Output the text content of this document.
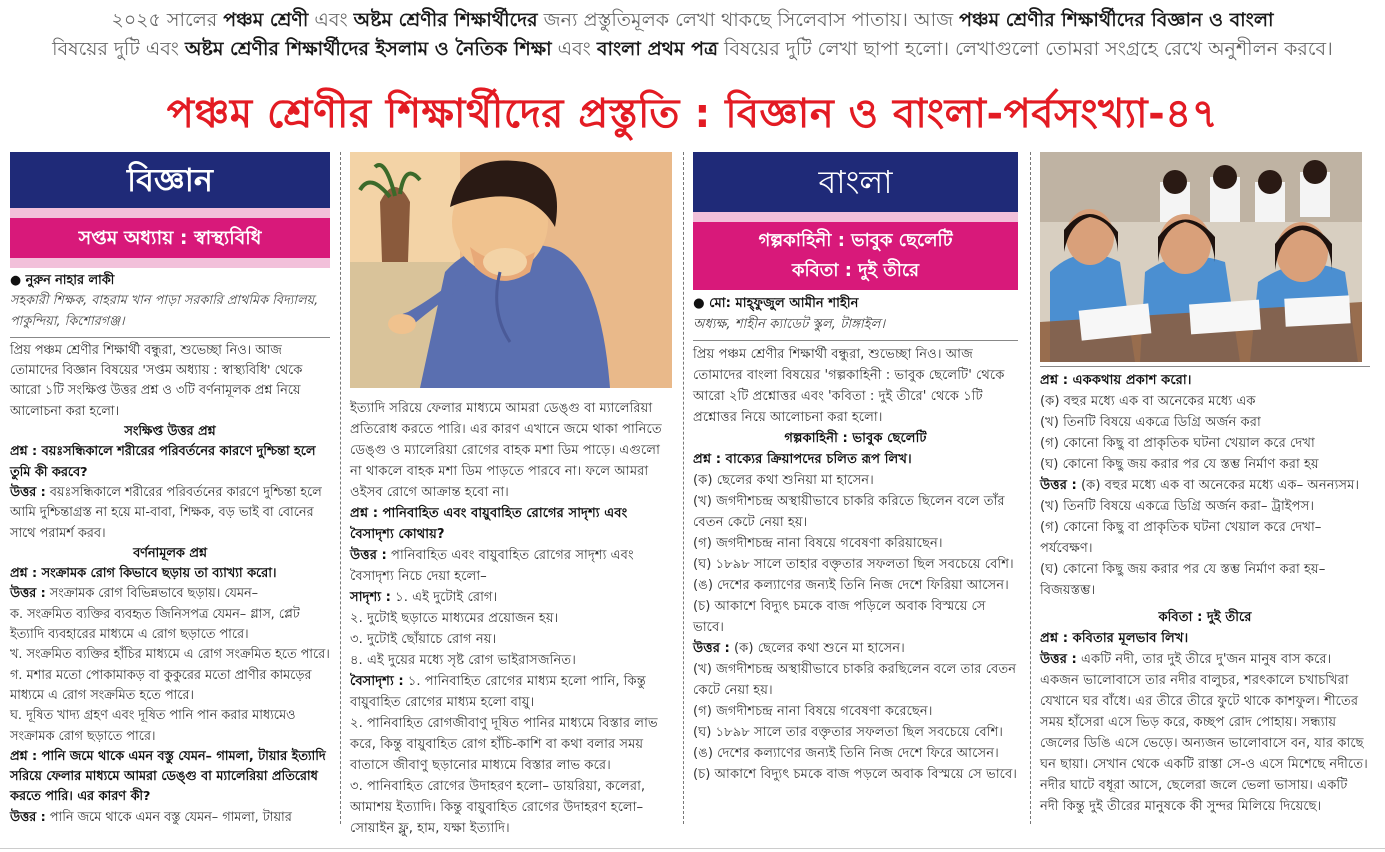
২০২৫ সালের পঞ্চম শ্রেণী এবং অষ্টম শ্রেণীর শিক্ষার্থীদের জন্য প্রস্তুতিমূলক লেখা থাকছে সিলেবাস পাতায়। আজ পঞ্চম শ্রেণীর শিক্ষার্থীদের বিজ্ঞান ও বাংলা

বিষয়ের দুটি এবং অষ্টম শ্রেণীর শিক্ষার্থীদের ইসলাম ও নৈতিক শিক্ষা এবং বাংলা প্রথম পত্র বিষয়ের দুটি লেখা ছাপা হলো। লেখাগুলো তোমরা সংগ্রহে রেখে অনুশীলন করবে।

পঞ্চম শ্রেণীর শিক্ষার্থীদের প্রস্তুতি : বিজ্ঞান ও বাংলা-পর্বসংখ্যা-৪৭
বিজ্ঞান
সপ্তম অধ্যায় : স্বাস্থ্যবিধি

● নুরুন নাহার লাকী

সহকারী শিক্ষক, বাহরাম খান পাড়া সরকারি প্রাথমিক বিদ্যালয়, পাকুন্দিয়া, কিশোরগঞ্জ।

প্রিয় পঞ্চম শ্রেণীর শিক্ষার্থী বন্ধুরা, শুভেচ্ছা নিও। আজ তোমাদের বিজ্ঞান বিষয়ের 'সপ্তম অধ্যায় : স্বাস্থ্যবিধি' থেকে আরো ১টি সংক্ষিপ্ত উত্তর প্রশ্ন ও ৩টি বর্ণনামূলক প্রশ্ন নিয়ে আলোচনা করা হলো।

সংক্ষিপ্ত উত্তর প্রশ্ন

প্রশ্ন : বয়ঃসন্ধিকালে শরীরের পরিবর্তনের কারণে দুশ্চিন্তা হলে তুমি কী করবে?

উত্তর : বয়ঃসন্ধিকালে শরীরের পরিবর্তনের কারণে দুশ্চিন্তা হলে আমি দুশ্চিন্তাগ্রস্ত না হয়ে মা-বাবা, শিক্ষক, বড় ভাই বা বোনের সাথে পরামর্শ করব।

বর্ণনামূলক প্রশ্ন

প্রশ্ন : সংক্রামক রোগ কিভাবে ছড়ায় তা ব্যাখ্যা করো।

উত্তর : সংক্রামক রোগ বিভিন্নভাবে ছড়ায়। যেমন–

ক. সংক্রমিত ব্যক্তির ব্যবহৃত জিনিসপত্র যেমন– গ্লাস, প্লেট ইত্যাদি ব্যবহারের মাধ্যমে এ রোগ ছড়াতে পারে।

খ. সংক্রমিত ব্যক্তির হাঁচির মাধ্যমে এ রোগ সংক্রমিত হতে পারে।

গ. মশার মতো পোকামাকড় বা কুকুরের মতো প্রাণীর কামড়ের মাধ্যমে এ রোগ সংক্রমিত হতে পারে।

ঘ. দূষিত খাদ্য গ্রহণ এবং দূষিত পানি পান করার মাধ্যমেও সংক্রামক রোগ ছড়াতে পারে।

প্রশ্ন : পানি জমে থাকে এমন বস্তু যেমন– গামলা, টায়ার ইত্যাদি সরিয়ে ফেলার মাধ্যমে আমরা ডেঙ্গু বা ম্যালেরিয়া প্রতিরোধ করতে পারি। এর কারণ কী?

উত্তর : পানি জমে থাকে এমন বস্তু যেমন– গামলা, টায়ার

ইত্যাদি সরিয়ে ফেলার মাধ্যমে আমরা ডেঙ্গু বা ম্যালেরিয়া প্রতিরোধ করতে পারি। এর কারণ এখানে জমে থাকা পানিতে ডেঙ্গু ও ম্যালেরিয়া রোগের বাহক মশা ডিম পাড়ে। এগুলো না থাকলে বাহক মশা ডিম পাড়তে পারবে না। ফলে আমরা ওইসব রোগে আক্রান্ত হবো না।

প্রশ্ন : পানিবাহিত এবং বায়ুবাহিত রোগের সাদৃশ্য এবং বৈসাদৃশ্য কোথায়?

উত্তর : পানিবাহিত এবং বায়ুবাহিত রোগের সাদৃশ্য এবং বৈসাদৃশ্য নিচে দেয়া হলো–

সাদৃশ্য : ১. এই দুটোই রোগ।

২. দুটোই ছড়াতে মাধ্যমের প্রয়োজন হয়।

৩. দুটোই ছোঁয়াচে রোগ নয়।

৪. এই দুয়ের মধ্যে সৃষ্ট রোগ ভাইরাসজনিত।

বৈসাদৃশ্য : ১. পানিবাহিত রোগের মাধ্যম হলো পানি, কিন্তু বায়ুবাহিত রোগের মাধ্যম হলো বায়ু।

২. পানিবাহিত রোগজীবাণু দূষিত পানির মাধ্যমে বিস্তার লাভ করে, কিন্তু বায়ুবাহিত রোগ হাঁচি-কাশি বা কথা বলার সময় বাতাসে জীবাণু ছড়ানোর মাধ্যমে বিস্তার লাভ করে।

৩. পানিবাহিত রোগের উদাহরণ হলো– ডায়রিয়া, কলেরা, আমাশয় ইত্যাদি। কিন্তু বায়ুবাহিত রোগের উদাহরণ হলো– সোয়াইন ফ্লু, হাম, যক্ষা ইত্যাদি।

বাংলা
গল্পকাহিনী : ভাবুক ছেলেটি
কবিতা : দুই তীরে

● মো: মাহ্‌ফুজুল আমীন শাহীন

অধ্যক্ষ, শাহীন ক্যাডেট স্কুল, টাঙ্গাইল।

প্রিয় পঞ্চম শ্রেণীর শিক্ষার্থী বন্ধুরা, শুভেচ্ছা নিও। আজ তোমাদের বাংলা বিষয়ের 'গল্পকাহিনী : ভাবুক ছেলেটি' থেকে আরো ২টি প্রশ্নোত্তর এবং 'কবিতা : দুই তীরে' থেকে ১টি প্রশ্নোত্তর নিয়ে আলোচনা করা হলো।

গল্পকাহিনী : ভাবুক ছেলেটি

প্রশ্ন : বাক্যের ক্রিয়াপদের চলিত রূপ লিখ।

(ক) ছেলের কথা শুনিয়া মা হাসেন।

(খ) জগদীশচন্দ্র অস্থায়ীভাবে চাকরি করিতে ছিলেন বলে তাঁর বেতন কেটে নেয়া হয়।

(গ) জগদীশচন্দ্র নানা বিষয়ে গবেষণা করিয়াছেন।

(ঘ) ১৮৯৮ সালে তাহার বক্তৃতার সফলতা ছিল সবচেয়ে বেশি।

(ঙ) দেশের কল্যাণের জন্যই তিনি নিজ দেশে ফিরিয়া আসেন।

(চ) আকাশে বিদ্যুৎ চমকে বাজ পড়িলে অবাক বিস্ময়ে সে ভাবে।

উত্তর : (ক) ছেলের কথা শুনে মা হাসেন।

(খ) জগদীশচন্দ্র অস্থায়ীভাবে চাকরি করছিলেন বলে তার বেতন কেটে নেয়া হয়।

(গ) জগদীশচন্দ্র নানা বিষয়ে গবেষণা করেছেন।

(ঘ) ১৮৯৮ সালে তার বক্তৃতার সফলতা ছিল সবচেয়ে বেশি।

(ঙ) দেশের কল্যাণের জন্যই তিনি নিজ দেশে ফিরে আসেন।

(চ) আকাশে বিদ্যুৎ চমকে বাজ পড়লে অবাক বিস্ময়ে সে ভাবে।

প্রশ্ন : এককথায় প্রকাশ করো।

(ক) বহুর মধ্যে এক বা অনেকের মধ্যে এক

(খ) তিনটি বিষয়ে একত্রে ডিগ্রি অর্জন করা

(গ) কোনো কিছু বা প্রাকৃতিক ঘটনা খেয়াল করে দেখা

(ঘ) কোনো কিছু জয় করার পর যে স্তম্ভ নির্মাণ করা হয়

উত্তর : (ক) বহুর মধ্যে এক বা অনেকের মধ্যে এক– অনন্যসম।

(খ) তিনটি বিষয়ে একত্রে ডিগ্রি অর্জন করা– ট্রাইপস।

(গ) কোনো কিছু বা প্রাকৃতিক ঘটনা খেয়াল করে দেখা– পর্যবেক্ষণ।

(ঘ) কোনো কিছু জয় করার পর যে স্তম্ভ নির্মাণ করা হয়– বিজয়স্তম্ভ।

কবিতা : দুই তীরে

প্রশ্ন : কবিতার মূলভাব লিখ।

উত্তর : একটি নদী, তার দুই তীরে দু'জন মানুষ বাস করে। একজন ভালোবাসে তার নদীর বালুচর, শরৎকালে চখাচখিরা যেখানে ঘর বাঁধে। এর তীরে তীরে ফুটে থাকে কাশফুল। শীতের সময় হাঁসেরা এসে ভিড় করে, কচ্ছপ রোদ পোহায়। সন্ধ্যায় জেলের ডিঙি এসে ভেড়ে। অন্যজন ভালোবাসে বন, যার কাছে ঘন ছায়া। সেখান থেকে একটি রাস্তা সে-ও এসে মিশেছে নদীতে। নদীর ঘাটে বধূরা আসে, ছেলেরা জলে ভেলা ভাসায়। একটি নদী কিন্তু দুই তীরের মানুষকে কী সুন্দর মিলিয়ে দিয়েছে।
